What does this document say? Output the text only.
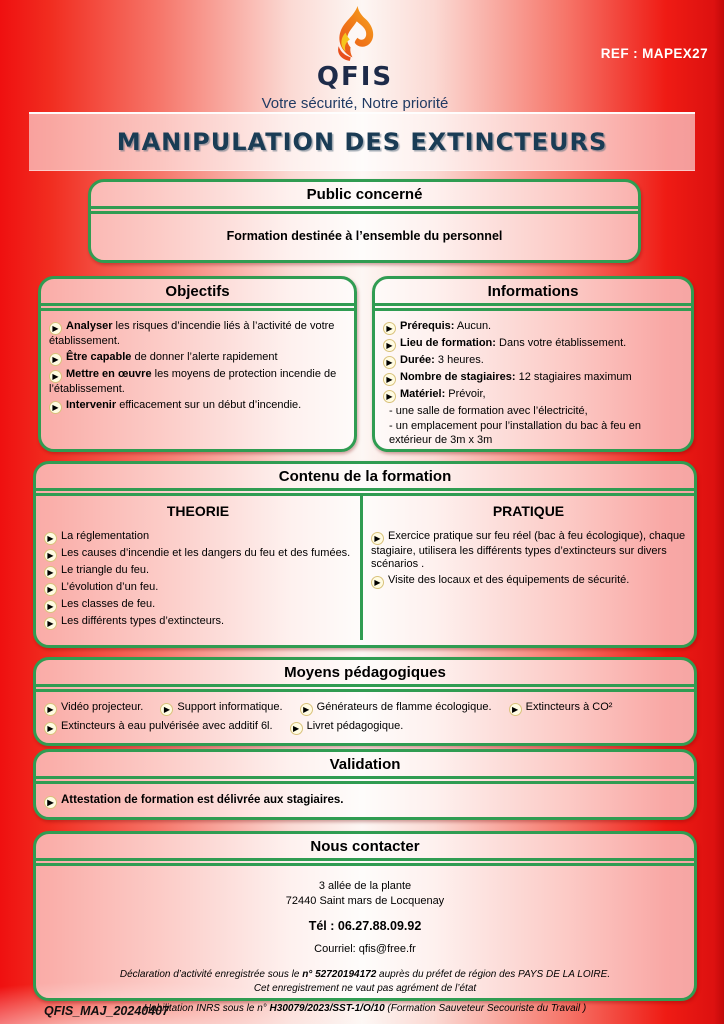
QFIS
Votre sécurité, Notre priorité
REF : MAPEX27
MANIPULATION DES EXTINCTEURS
Public concerné
Formation destinée à l’ensemble du personnel
Objectifs

▶ Analyser les risques d’incendie liés à l’activité de votre établissement.

▶ Être capable de donner l’alerte rapidement

▶ Mettre en œuvre les moyens de protection incendie de l’établissement.

▶ Intervenir efficacement sur un début d’incendie.

Informations

▶ Prérequis: Aucun.

▶ Lieu de formation: Dans votre établissement.

▶ Durée: 3 heures.

▶ Nombre de stagiaires: 12 stagiaires maximum

▶ Matériel: Prévoir,

- une salle de formation avec l’électricité,

- un emplacement pour l’installation du bac à feu en extérieur de 3m x 3m

Contenu de la formation
THEORIE

▶ La réglementation

▶ Les causes d’incendie et les dangers du feu et des fumées.

▶ Le triangle du feu.

▶ L’évolution d’un feu.

▶ Les classes de feu.

▶ Les différents types d’extincteurs.

PRATIQUE

▶ Exercice pratique sur feu réel (bac à feu écologique), chaque stagiaire, utilisera les différents types d’extincteurs sur divers scénarios .

▶ Visite des locaux et des équipements de sécurité.

Moyens pédagogiques
▶ Vidéo projecteur.	▶ Support informatique.	▶ Générateurs de flamme écologique.	▶ Extincteurs à CO²
▶ Extincteurs à eau pulvérisée avec additif 6l.	▶ Livret pédagogique.
Validation

▶ Attestation de formation est délivrée aux stagiaires.

Nous contacter
3 allée de la plante
72440 Saint mars de Locquenay
Tél : 06.27.88.09.92
Courriel: qfis@free.fr
Déclaration d’activité enregistrée sous le n° 52720194172 auprès du préfet de région des PAYS DE LA LOIRE.
Cet enregistrement ne vaut pas agrément de l’état
Habilitation INRS sous le n° H30079/2023/SST-1/O/10 (Formation Sauveteur Secouriste du Travail )
QFIS_MAJ_20240407
